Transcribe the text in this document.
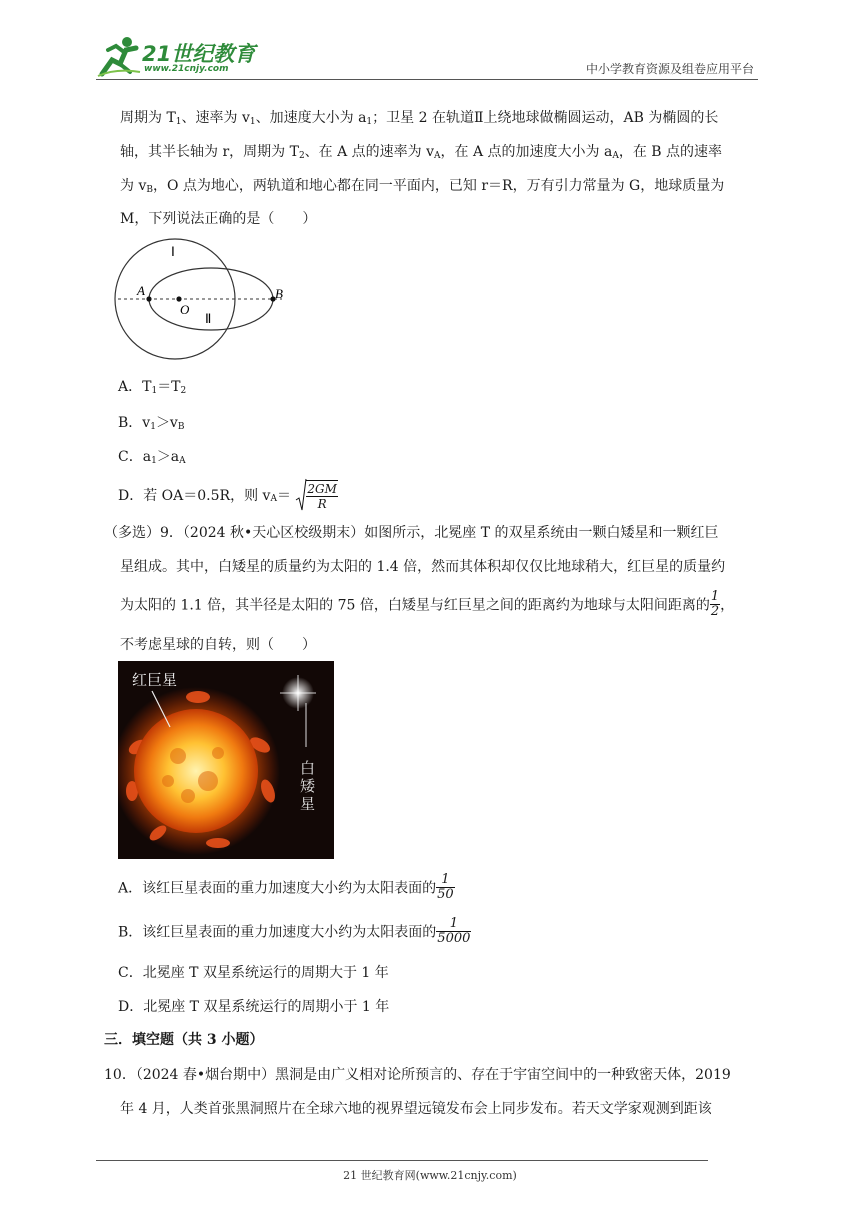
21世纪教育
www.21cnjy.com	中小学教育资源及组卷应用平台
周期为 $T_1$、速率为 $v_1$、加速度大小为 $a_1$；卫星 2 在轨道Ⅱ上绕地球做椭圆运动，AB 为椭圆的长
轴，其半长轴为 r，周期为 $T_2$、在 A 点的速率为 $v_A$，在 A 点的加速度大小为 $a_A$，在 B 点的速率
为 $v_B$，O 点为地心，两轨道和地心都在同一平面内，已知 r＝R，万有引力常量为 G，地球质量为
M，下列说法正确的是（　　）
Ⅰ
Ⅱ
A	B
O
A．$T_1=T_2$
B．$v_1>v_B$
C．$a_1>a_A$
D．若 OA＝0.5R，则 $v_A= \frac{2GM}{R}$
（多选）9．（2024 秋•天心区校级期末）如图所示，北冕座 T 的双星系统由一颗白矮星和一颗红巨
星组成。其中，白矮星的质量约为太阳的 1.4 倍，然而其体积却仅仅比地球稍大，红巨星的质量约
为太阳的 1.1 倍，其半径是太阳的 75 倍，白矮星与红巨星之间的距离约为地球与太阳间距离的 $\frac{1}{2}$ ，
不考虑星球的自转，则（　　）
红巨星
白
矮
星
A．该红巨星表面的重力加速度大小约为太阳表面的 $\frac{1}{50}$
B．该红巨星表面的重力加速度大小约为太阳表面的 $\frac{1}{5000}$
C．北冕座 T 双星系统运行的周期大于 1 年
D．北冕座 T 双星系统运行的周期小于 1 年
三．填空题（共 3 小题）
10．（2024 春•烟台期中）黑洞是由广义相对论所预言的、存在于宇宙空间中的一种致密天体，2019
年 4 月，人类首张黑洞照片在全球六地的视界望远镜发布会上同步发布。若天文学家观测到距该
21 世纪教育网(www.21cnjy.com)
